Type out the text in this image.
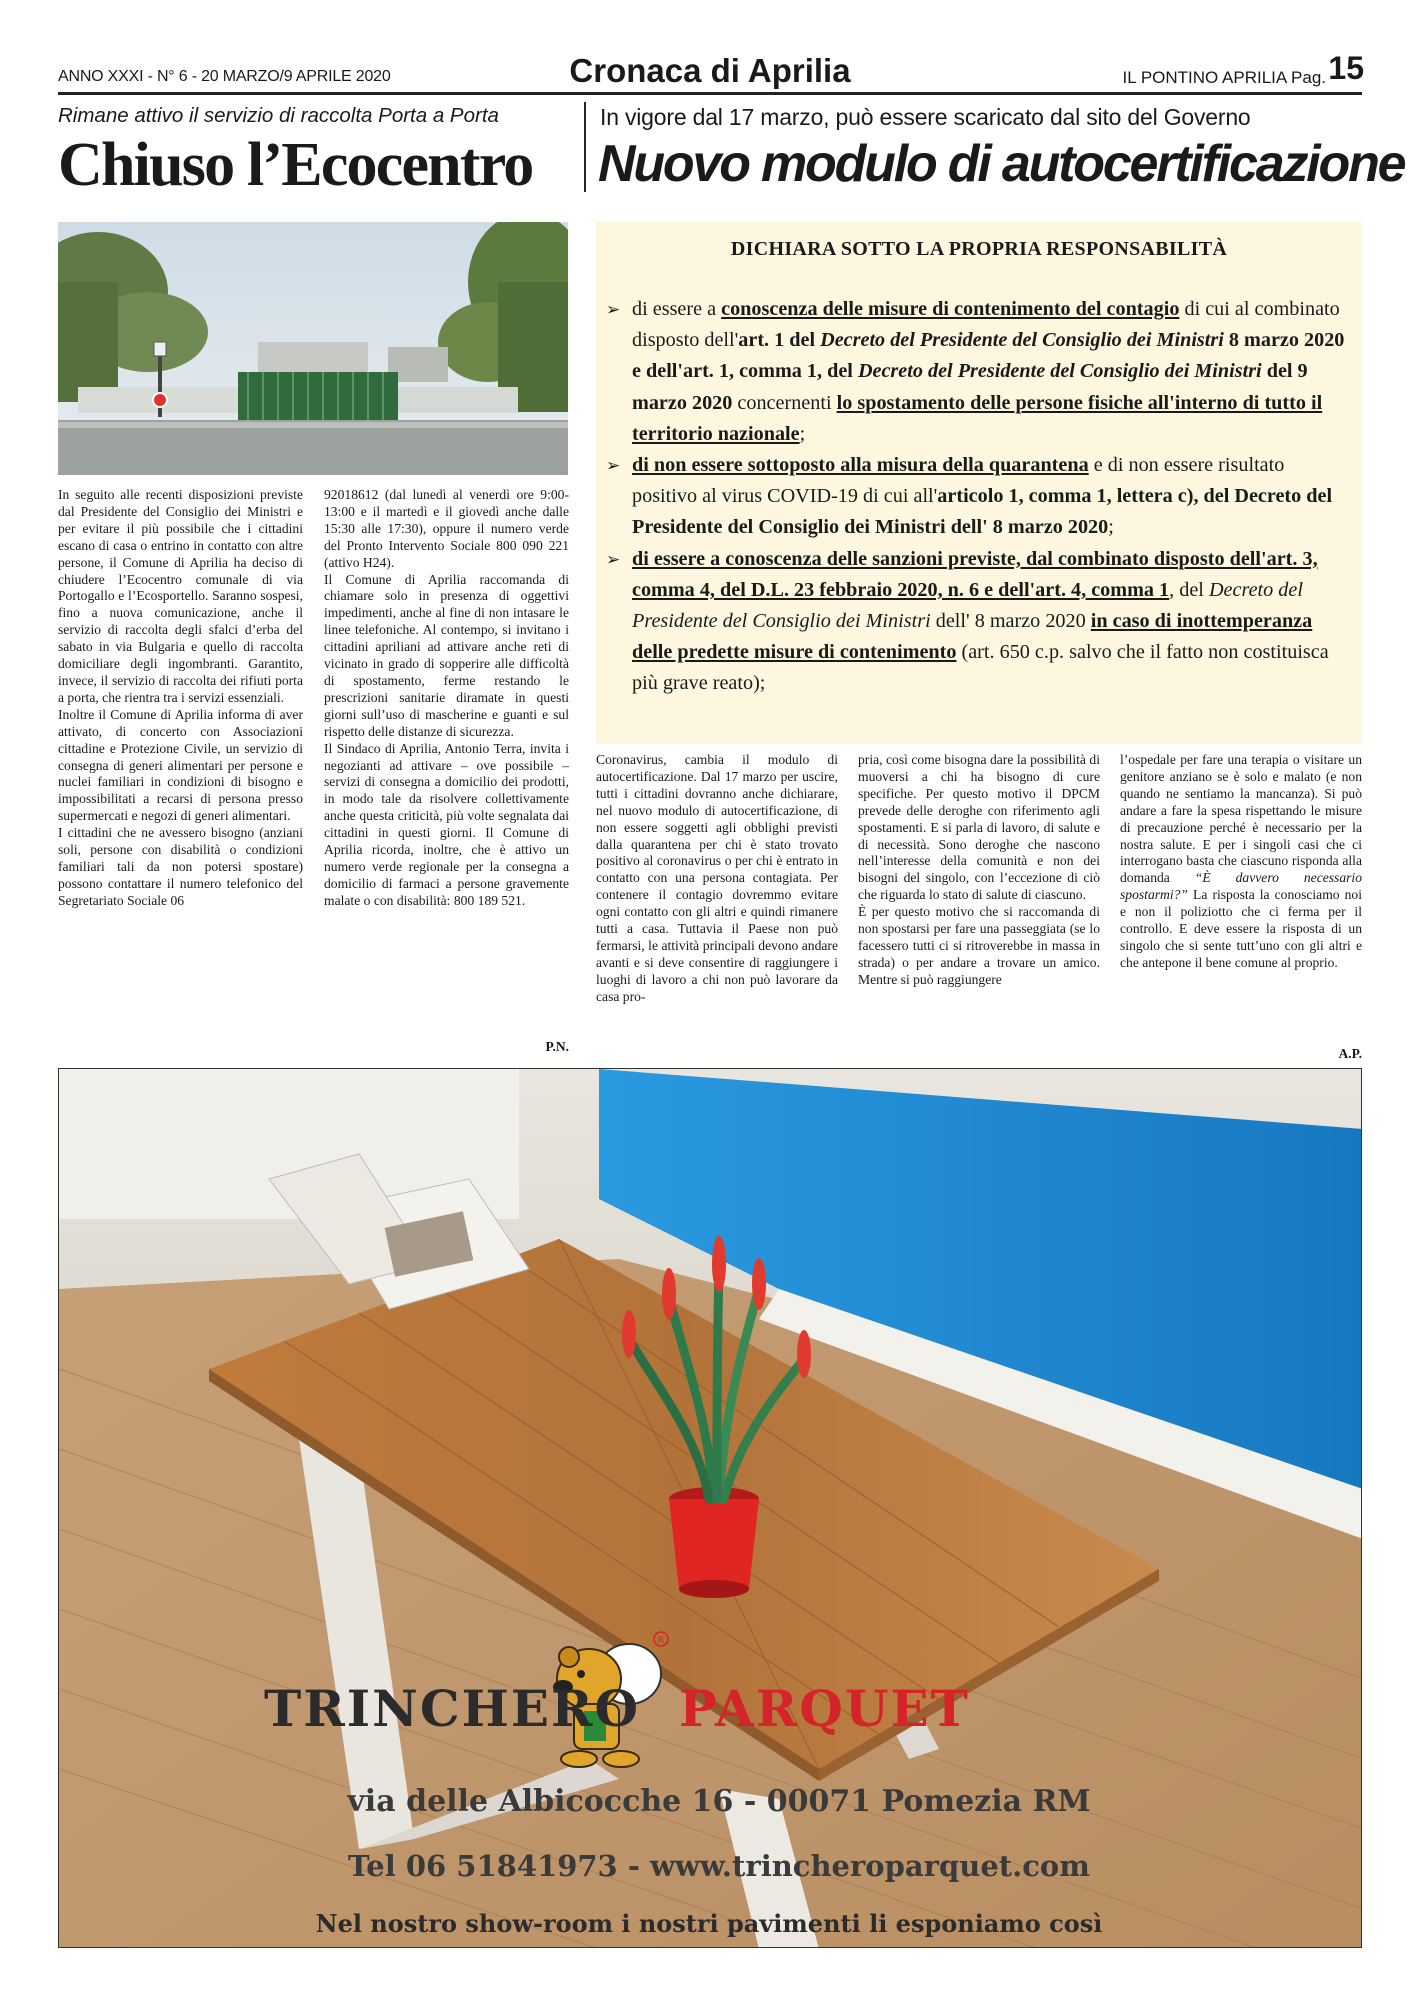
ANNO XXXI - N° 6 - 20 MARZO/9 APRILE 2020	Cronaca di Aprilia	IL PONTINO APRILIA Pag. 15
Rimane attivo il servizio di raccolta Porta a Porta
Chiuso l’Ecocentro

In seguito alle recenti disposizioni previste dal Presidente del Consiglio dei Ministri e per evitare il più possibile che i cittadini escano di casa o entrino in contatto con altre persone, il Comune di Aprilia ha deciso di chiudere l’Ecocentro comunale di via Portogallo e l’Ecosportello. Saranno sospesi, fino a nuova comunicazione, anche il servizio di raccolta degli sfalci d’erba del sabato in via Bulgaria e quello di raccolta domiciliare degli ingombranti. Garantito, invece, il servizio di raccolta dei rifiuti porta a porta, che rientra tra i servizi essenziali.

Inoltre il Comune di Aprilia informa di aver attivato, di concerto con Associazioni cittadine e Protezione Civile, un servizio di consegna di generi alimentari per persone e nuclei familiari in condizioni di bisogno e impossibilitati a recarsi di persona presso supermercati e negozi di generi alimentari.

I cittadini che ne avessero bisogno (anziani soli, persone con disabilità o condizioni familiari tali da non potersi spostare) possono contattare il numero telefonico del Segretariato Sociale 06

92018612 (dal lunedì al venerdì ore 9:00-13:00 e il martedì e il giovedì anche dalle 15:30 alle 17:30), oppure il numero verde del Pronto Intervento Sociale 800 090 221 (attivo H24).

Il Comune di Aprilia raccomanda di chiamare solo in presenza di oggettivi impedimenti, anche al fine di non intasare le linee telefoniche. Al contempo, si invitano i cittadini apriliani ad attivare anche reti di vicinato in grado di sopperire alle difficoltà di spostamento, ferme restando le prescrizioni sanitarie diramate in questi giorni sull’uso di mascherine e guanti e sul rispetto delle distanze di sicurezza.

Il Sindaco di Aprilia, Antonio Terra, invita i negozianti ad attivare – ove possibile – servizi di consegna a domicilio dei prodotti, in modo tale da risolvere collettivamente anche questa criticità, più volte segnalata dai cittadini in questi giorni. Il Comune di Aprilia ricorda, inoltre, che è attivo un numero verde regionale per la consegna a domicilio di farmaci a persone gravemente malate o con disabilità: 800 189 521.

P.N.
In vigore dal 17 marzo, può essere scaricato dal sito del Governo
Nuovo modulo di autocertificazione
DICHIARA SOTTO LA PROPRIA RESPONSABILITÀ
➢ di essere a conoscenza delle misure di contenimento del contagio di cui al combinato disposto dell'art. 1 del Decreto del Presidente del Consiglio dei Ministri 8 marzo 2020 e dell'art. 1, comma 1, del Decreto del Presidente del Consiglio dei Ministri del 9 marzo 2020 concernenti lo spostamento delle persone fisiche all'interno di tutto il territorio nazionale;
➢ di non essere sottoposto alla misura della quarantena e di non essere risultato positivo al virus COVID-19 di cui all'articolo 1, comma 1, lettera c), del Decreto del Presidente del Consiglio dei Ministri dell' 8 marzo 2020;
➢ di essere a conoscenza delle sanzioni previste, dal combinato disposto dell'art. 3, comma 4, del D.L. 23 febbraio 2020, n. 6 e dell'art. 4, comma 1, del Decreto del Presidente del Consiglio dei Ministri dell' 8 marzo 2020 in caso di inottemperanza delle predette misure di contenimento (art. 650 c.p. salvo che il fatto non costituisca più grave reato);

Coronavirus, cambia il modulo di autocertificazione. Dal 17 marzo per uscire, tutti i cittadini dovranno anche dichiarare, nel nuovo modulo di autocertificazione, di non essere soggetti agli obblighi previsti dalla quarantena per chi è stato trovato positivo al coronavirus o per chi è entrato in contatto con una persona contagiata. Per contenere il contagio dovremmo evitare ogni contatto con gli altri e quindi rimanere tutti a casa. Tuttavia il Paese non può fermarsi, le attività principali devono andare avanti e si deve consentire di raggiungere i luoghi di lavoro a chi non può lavorare da casa pro-

pria, così come bisogna dare la possibilità di muoversi a chi ha bisogno di cure specifiche. Per questo motivo il DPCM prevede delle deroghe con riferimento agli spostamenti. E si parla di lavoro, di salute e di necessità. Sono deroghe che nascono nell’interesse della comunità e non dei bisogni del singolo, con l’eccezione di ciò che riguarda lo stato di salute di ciascuno.

È per questo motivo che si raccomanda di non spostarsi per fare una passeggiata (se lo facessero tutti ci si ritroverebbe in massa in strada) o per andare a trovare un amico. Mentre si può raggiungere

l’ospedale per fare una terapia o visitare un genitore anziano se è solo e malato (e non quando ne sentiamo la mancanza). Si può andare a fare la spesa rispettando le misure di precauzione perché è necessario per la nostra salute. E per i singoli casi che ci interrogano basta che ciascuno risponda alla domanda “È davvero necessario spostarmi?” La risposta la conosciamo noi e non il poliziotto che ci ferma per il controllo. E deve essere la risposta di un singolo che si sente tutt’uno con gli altri e che antepone il bene comune al proprio.

A.P.
R
TRINCHERO PARQUET
via delle Albicocche 16 - 00071 Pomezia RM
Tel 06 51841973 - www.trincheroparquet.com
Nel nostro show-room i nostri pavimenti li esponiamo così
